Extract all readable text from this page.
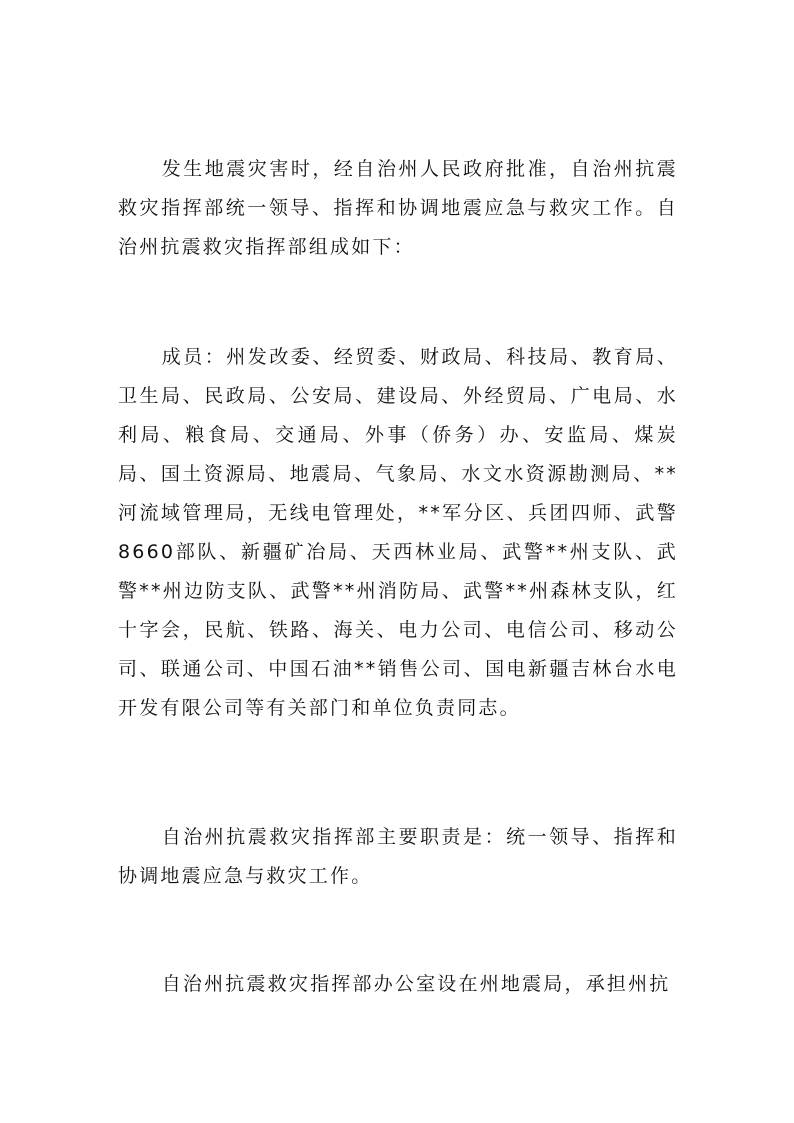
发生地震灾害时，经自治州人民政府批准，自治州抗震救灾指挥部统一领导、指挥和协调地震应急与救灾工作。自治州抗震救灾指挥部组成如下：

成员：州发改委、经贸委、财政局、科技局、教育局、卫生局、民政局、公安局、建设局、外经贸局、广电局、水利局、粮食局、交通局、外事（侨务）办、安监局、煤炭局、国土资源局、地震局、气象局、水文水资源勘测局、**河流域管理局，无线电管理处，**军分区、兵团四师、武警8660部队、新疆矿冶局、天西林业局、武警**州支队、武警**州边防支队、武警**州消防局、武警**州森林支队，红十字会，民航、铁路、海关、电力公司、电信公司、移动公司、联通公司、中国石油**销售公司、国电新疆吉林台水电开发有限公司等有关部门和单位负责同志。

自治州抗震救灾指挥部主要职责是：统一领导、指挥和协调地震应急与救灾工作。

自治州抗震救灾指挥部办公室设在州地震局，承担州抗
